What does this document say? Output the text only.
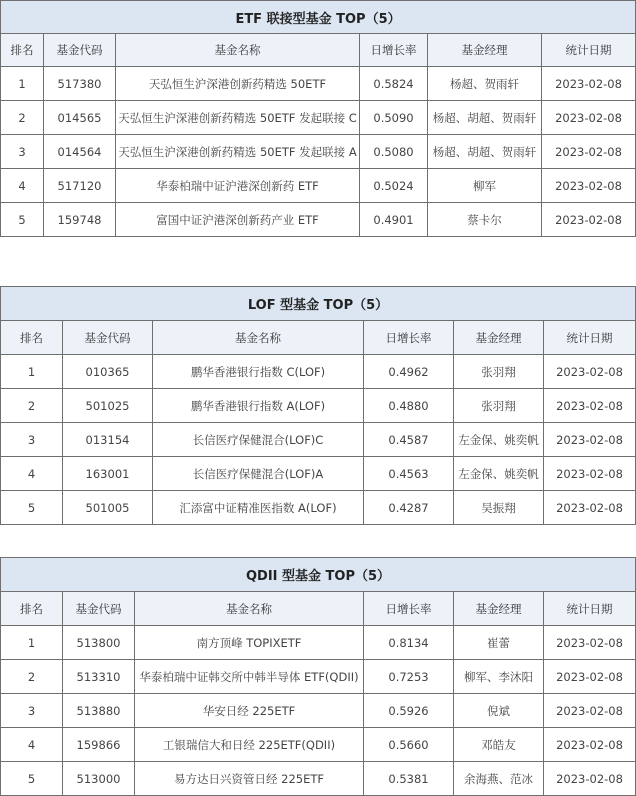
ETF 联接型基金 TOP（5）					
排名	基金代码	基金名称	日增长率	基金经理	统计日期
1	517380	天弘恒生沪深港创新药精选 50ETF	0.5824	杨超、贺雨轩	2023-02-08
2	014565	天弘恒生沪深港创新药精选 50ETF 发起联接 C	0.5090	杨超、胡超、贺雨轩	2023-02-08
3	014564	天弘恒生沪深港创新药精选 50ETF 发起联接 A	0.5080	杨超、胡超、贺雨轩	2023-02-08
4	517120	华泰柏瑞中证沪港深创新药 ETF	0.5024	柳军	2023-02-08
5	159748	富国中证沪港深创新药产业 ETF	0.4901	蔡卡尔	2023-02-08
LOF 型基金 TOP（5）					
排名	基金代码	基金名称	日增长率	基金经理	统计日期
1	010365	鹏华香港银行指数 C(LOF)	0.4962	张羽翔	2023-02-08
2	501025	鹏华香港银行指数 A(LOF)	0.4880	张羽翔	2023-02-08
3	013154	长信医疗保健混合(LOF)C	0.4587	左金保、姚奕帆	2023-02-08
4	163001	长信医疗保健混合(LOF)A	0.4563	左金保、姚奕帆	2023-02-08
5	501005	汇添富中证精准医指数 A(LOF)	0.4287	吴振翔	2023-02-08
QDII 型基金 TOP（5）					
排名	基金代码	基金名称	日增长率	基金经理	统计日期
1	513800	南方顶峰 TOPIXETF	0.8134	崔蕾	2023-02-08
2	513310	华泰柏瑞中证韩交所中韩半导体 ETF(QDII)	0.7253	柳军、李沐阳	2023-02-08
3	513880	华安日经 225ETF	0.5926	倪斌	2023-02-08
4	159866	工银瑞信大和日经 225ETF(QDII)	0.5660	邓皓友	2023-02-08
5	513000	易方达日兴资管日经 225ETF	0.5381	余海燕、范冰	2023-02-08
